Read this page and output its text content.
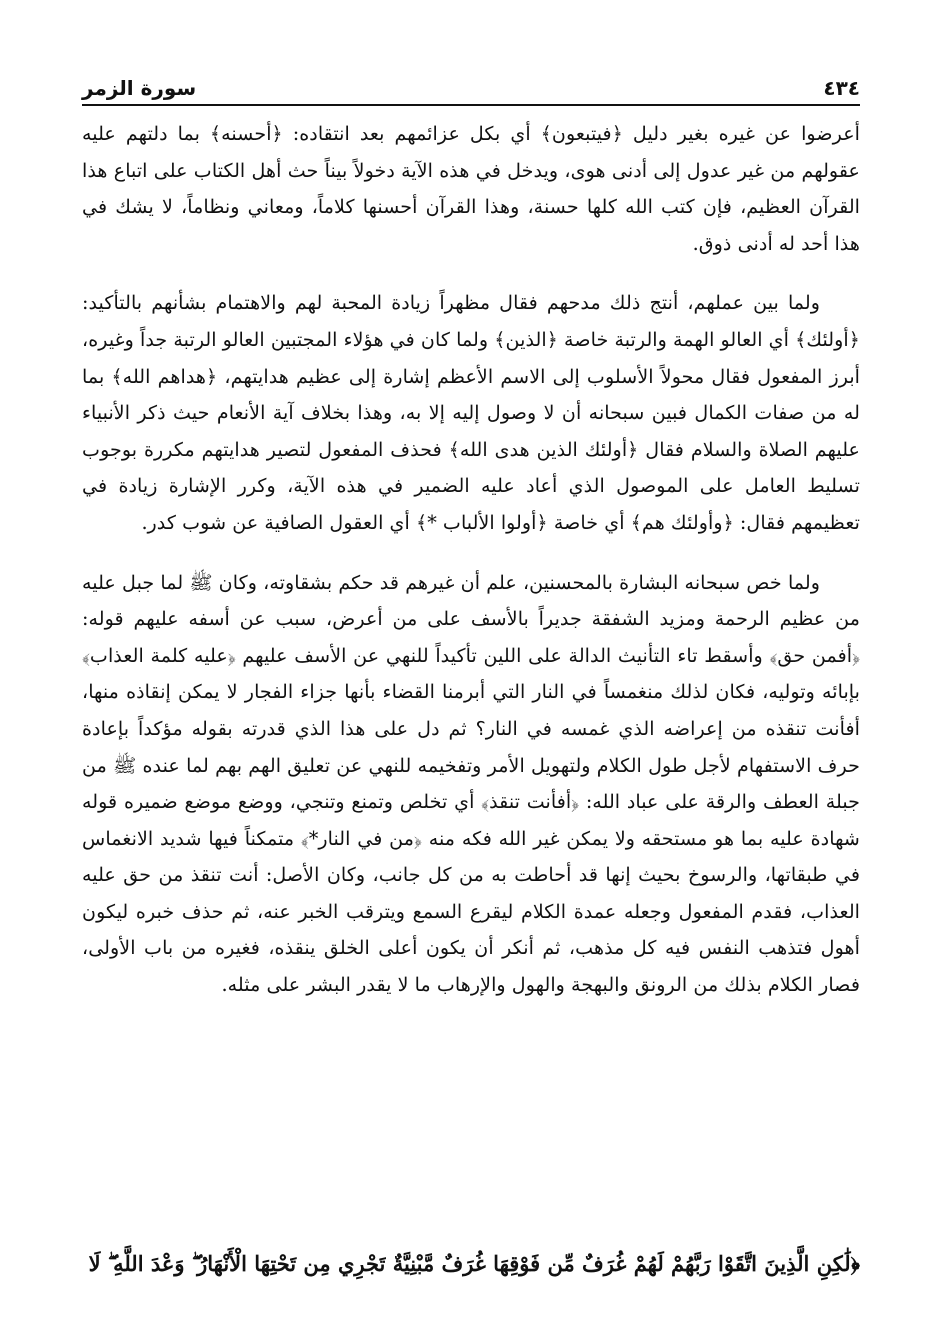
٤٣٤
سورة الزمر

أعرضوا عن غيره بغير دليل ﴿فيتبعون﴾ أي بكل عزائمهم بعد انتقاده: ﴿أحسنه﴾ بما دلتهم عليه عقولهم من غير عدول إلى أدنى هوى، ويدخل في هذه الآية دخولاً بيناً حث أهل الكتاب على اتباع هذا القرآن العظيم، فإن كتب الله كلها حسنة، وهذا القرآن أحسنها كلاماً، ومعاني ونظاماً، لا يشك في هذا أحد له أدنى ذوق.

ولما بين عملهم، أنتج ذلك مدحهم فقال مظهراً زيادة المحبة لهم والاهتمام بشأنهم بالتأكيد: ﴿أولئك﴾ أي العالو الهمة والرتبة خاصة ﴿الذين﴾ ولما كان في هؤلاء المجتبين العالو الرتبة جداً وغيره، أبرز المفعول فقال محولاً الأسلوب إلى الاسم الأعظم إشارة إلى عظيم هدايتهم، ﴿هداهم الله﴾ بما له من صفات الكمال فبين سبحانه أن لا وصول إليه إلا به، وهذا بخلاف آية الأنعام حيث ذكر الأنبياء عليهم الصلاة والسلام فقال ﴿أولئك الذين هدى الله﴾ فحذف المفعول لتصير هدايتهم مكررة بوجوب تسليط العامل على الموصول الذي أعاد عليه الضمير في هذه الآية، وكرر الإشارة زيادة في تعظيمهم فقال: ﴿وأولئك هم﴾ أي خاصة ﴿أولوا الألباب *﴾ أي العقول الصافية عن شوب كدر.

ولما خص سبحانه البشارة بالمحسنين، علم أن غيرهم قد حكم بشقاوته، وكان ﷺ لما جبل عليه من عظيم الرحمة ومزيد الشفقة جديراً بالأسف على من أعرض، سبب عن أسفه عليهم قوله: ﴿أفمن حق﴾ وأسقط تاء التأنيث الدالة على اللين تأكيداً للنهي عن الأسف عليهم ﴿عليه كلمة العذاب﴾ بإبائه وتوليه، فكان لذلك منغمساً في النار التي أبرمنا القضاء بأنها جزاء الفجار لا يمكن إنقاذه منها، أفأنت تنقذه من إعراضه الذي غمسه في النار؟ ثم دل على هذا الذي قدرته بقوله مؤكداً بإعادة حرف الاستفهام لأجل طول الكلام ولتهويل الأمر وتفخيمه للنهي عن تعليق الهم بهم لما عنده ﷺ من جبلة العطف والرقة على عباد الله: ﴿أفأنت تنقذ﴾ أي تخلص وتمنع وتنجي، ووضع موضع ضميره قوله شهادة عليه بما هو مستحقه ولا يمكن غير الله فكه منه ﴿من في النار*﴾ متمكناً فيها شديد الانغماس في طبقاتها، والرسوخ بحيث إنها قد أحاطت به من كل جانب، وكان الأصل: أنت تنقذ من حق عليه العذاب، فقدم المفعول وجعله عمدة الكلام ليقرع السمع ويترقب الخبر عنه، ثم حذف خبره ليكون أهول فتذهب النفس فيه كل مذهب، ثم أنكر أن يكون أعلى الخلق ينقذه، فغيره من باب الأولى، فصار الكلام بذلك من الرونق والبهجة والهول والإرهاب ما لا يقدر البشر على مثله.

﴿لَٰكِنِ الَّذِينَ اتَّقَوْا رَبَّهُمْ لَهُمْ غُرَفٌ مِّن فَوْقِهَا غُرَفٌ مَّبْنِيَّةٌ تَجْرِي مِن تَحْتِهَا الْأَنْهَارُ ۖ وَعْدَ اللَّهِ ۖ لَا
